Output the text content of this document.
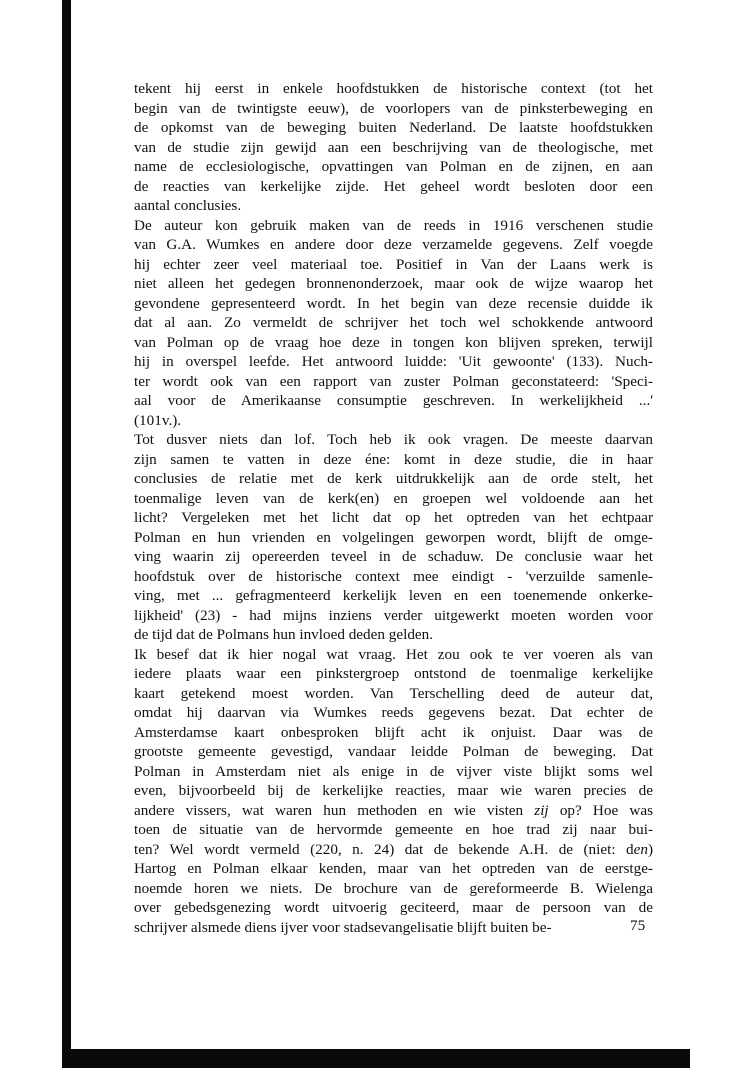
tekent hij eerst in enkele hoofdstukken de historische context (tot het
begin van de twintigste eeuw), de voorlopers van de pinksterbeweging en
de opkomst van de beweging buiten Nederland. De laatste hoofdstukken
van de studie zijn gewijd aan een beschrijving van de theologische, met
name de ecclesiologische, opvattingen van Polman en de zijnen, en aan
de reacties van kerkelijke zijde. Het geheel wordt besloten door een
aantal conclusies.

De auteur kon gebruik maken van de reeds in 1916 verschenen studie
van G.A. Wumkes en andere door deze verzamelde gegevens. Zelf voegde
hij echter zeer veel materiaal toe. Positief in Van der Laans werk is
niet alleen het gedegen bronnenonderzoek, maar ook de wijze waarop het
gevondene gepresenteerd wordt. In het begin van deze recensie duidde ik
dat al aan. Zo vermeldt de schrijver het toch wel schokkende antwoord
van Polman op de vraag hoe deze in tongen kon blijven spreken, terwijl
hij in overspel leefde. Het antwoord luidde: 'Uit gewoonte' (133). Nuch-
ter wordt ook van een rapport van zuster Polman geconstateerd: 'Speci-
aal voor de Amerikaanse consumptie geschreven. In werkelijkheid ...'
(101v.).

Tot dusver niets dan lof. Toch heb ik ook vragen. De meeste daarvan
zijn samen te vatten in deze éne: komt in deze studie, die in haar
conclusies de relatie met de kerk uitdrukkelijk aan de orde stelt, het
toenmalige leven van de kerk(en) en groepen wel voldoende aan het
licht? Vergeleken met het licht dat op het optreden van het echtpaar
Polman en hun vrienden en volgelingen geworpen wordt, blijft de omge-
ving waarin zij opereerden teveel in de schaduw. De conclusie waar het
hoofdstuk over de historische context mee eindigt - 'verzuilde samenle-
ving, met ... gefragmenteerd kerkelijk leven en een toenemende onkerke-
lijkheid' (23) - had mijns inziens verder uitgewerkt moeten worden voor
de tijd dat de Polmans hun invloed deden gelden.

Ik besef dat ik hier nogal wat vraag. Het zou ook te ver voeren als van
iedere plaats waar een pinkstergroep ontstond de toenmalige kerkelijke
kaart getekend moest worden. Van Terschelling deed de auteur dat,
omdat hij daarvan via Wumkes reeds gegevens bezat. Dat echter de
Amsterdamse kaart onbesproken blijft acht ik onjuist. Daar was de
grootste gemeente gevestigd, vandaar leidde Polman de beweging. Dat
Polman in Amsterdam niet als enige in de vijver viste blijkt soms wel
even, bijvoorbeeld bij de kerkelijke reacties, maar wie waren precies de
andere vissers, wat waren hun methoden en wie visten zij op? Hoe was
toen de situatie van de hervormde gemeente en hoe trad zij naar bui-
ten? Wel wordt vermeld (220, n. 24) dat de bekende A.H. de (niet: den)
Hartog en Polman elkaar kenden, maar van het optreden van de eerstge-
noemde horen we niets. De brochure van de gereformeerde B. Wielenga
over gebedsgenezing wordt uitvoerig geciteerd, maar de persoon van de
schrijver alsmede diens ijver voor stadsevangelisatie blijft buiten be-	75
